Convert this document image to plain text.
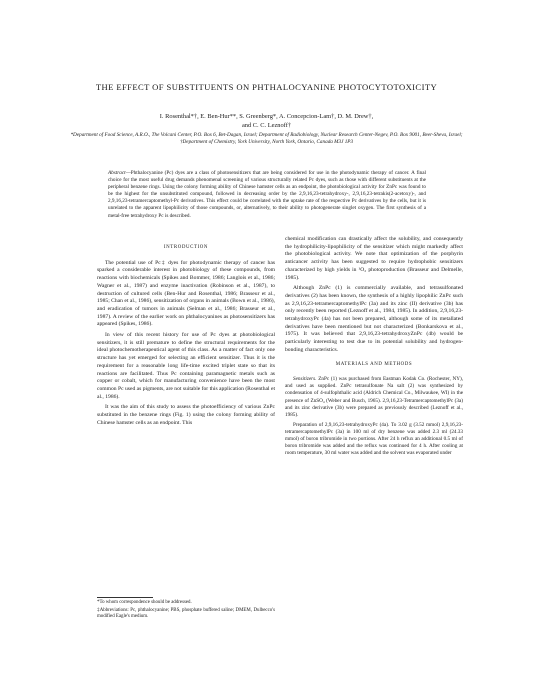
THE EFFECT OF SUBSTITUENTS ON PHTHALOCYANINE PHOTOCYTOTOXICITY
I. Rosenthal*†, E. Ben-Hur**, S. Greenberg*, A. Concepcion-Lam†, D. M. Drew†,
and C. C. Leznoff†
*Department of Food Science, A.R.O., The Volcani Center, P.O. Box 6, Bet-Dagan, Israel; Department of Radiobiology, Nuclear Research Center-Negev, P.O. Box 9001, Beer-Sheva, Israel;
†Department of Chemistry, York University, North York, Ontario, Canada M3J 1P3
Abstract—Phthalocyanine (Pc) dyes are a class of photosensitizers that are being considered for use in the photodynamic therapy of cancer. A final choice for the most useful drug demands phenomenal screening of various structurally related Pc dyes, such as those with different substituents at the peripheral benzene rings. Using the colony forming ability of Chinese hamster cells as an endpoint, the photobiological activity for ZnPc was found to be the highest for the unsubstituted compound, followed in decreasing order by the 2,9,16,23-tetrahydroxy-, 2,9,16,23-tetrakis(2-acetoxy)-, and 2,9,16,23-tetramercaptomethyl-Pc derivatives. This effect could be correlated with the uptake rate of the respective Pc derivatives by the cells, but it is unrelated to the apparent lipophilicity of those compounds, or, alternatively, to their ability to photogenerate singlet oxygen. The first synthesis of a metal-free tetrahydroxy Pc is described.
INTRODUCTION

The potential use of Pc‡ dyes for photodynamic therapy of cancer has sparked a considerable interest in photobiology of these compounds, from reactions with biochemicals (Spikes and Bommer, 1986; Langlois et al., 1986; Wagner et al., 1987) and enzyme inactivation (Robinson et al., 1987), to destruction of cultured cells (Ben-Hur and Rosenthal, 1986; Brasseur et al., 1985; Chan et al., 1986), sensitization of organs in animals (Bown et al., 1986), and eradication of tumors in animals (Selman et al., 1986; Brasseur et al., 1987). A review of the earlier work on phthalocyanines as photosensitizers has appeared (Spikes, 1986).

In view of this recent history for use of Pc dyes at photobiological sensitizers, it is still premature to define the structural requirements for the ideal photochemotherapeutical agent of this class. As a matter of fact only one structure has yet emerged for selecting an efficient sensitizer. Thus it is the requirement for a reasonable long life-time excited triplet state so that its reactions are facilitated. Thus Pc containing paramagnetic metals such as copper or cobalt, which for manufacturing convenience have been the most common Pc used as pigments, are not suitable for this application (Rosenthal et al., 1986).

It was the aim of this study to assess the photoefficiency of various ZnPc substituted in the benzene rings (Fig. 1) using the colony forming ability of Chinese hamster cells as an endpoint. This

*To whom correspondence should be addressed.
‡Abbreviations: Pc, phthalocyanine; PBS, phosphate buffered saline; DMEM, Dulbecco's modified Eagle's medium.

chemical modification can drastically affect the solubility, and consequently the hydrophilicity-lipophilicity of the sensitizer which might markedly affect the photobiological activity. We note that optimization of the porphyrin anticancer activity has been suggested to require hydrophobic sensitizers characterized by high yields in ¹O₂ photoproduction (Brasseur and Delmelle, 1985).

Although ZnPc (1) is commercially available, and tetrasulfonated derivatives (2) has been known, the synthesis of a highly lipophilic ZnPc such as 2,9,16,23-tetramercaptomethylPc (3a) and its zinc (II) derivative (3b) has only recently been reported (Leznoff et al., 1984, 1985). In addition, 2,9,16,23-tetrahydroxyPc (4a) has not been prepared, although some of its metallated derivatives have been mentioned but not characterized (Bonkarskova et al., 1975). It was believed that 2,9,16,23-tetrahydroxyZnPc (4b) would be particularly interesting to test due to its potential solubility and hydrogen-bonding characteristics.

MATERIALS AND METHODS

Sensitizers. ZnPc (1) was purchased from Eastman Kodak Co. (Rochester, NY), and used as supplied. ZnPc tetrasulfonate Na salt (2) was synthesized by condensation of 4-sulfophthalic acid (Aldrich Chemical Co., Milwaukee, WI) in the presence of ZnSO₄ (Weber and Busch, 1965). 2,9,16,23-TetramercaptomethylPc (3a) and its zinc derivative (3b) were prepared as previously described (Leznoff et al., 1985).

Preparation of 2,9,16,23-tetrahydroxyPc (4a). To 3.02 g (3.52 mmol) 2,9,16,23-tetramercaptomethylPc (3a) in 100 ml of dry benzene was added 2.3 ml (24.33 mmol) of boron tribromide in two portions. After 24 h reflux an additional 0.5 ml of boron tribromide was added and the reflux was continued for 4 h. After cooling at room temperature, 30 ml water was added and the solvent was evaporated under
